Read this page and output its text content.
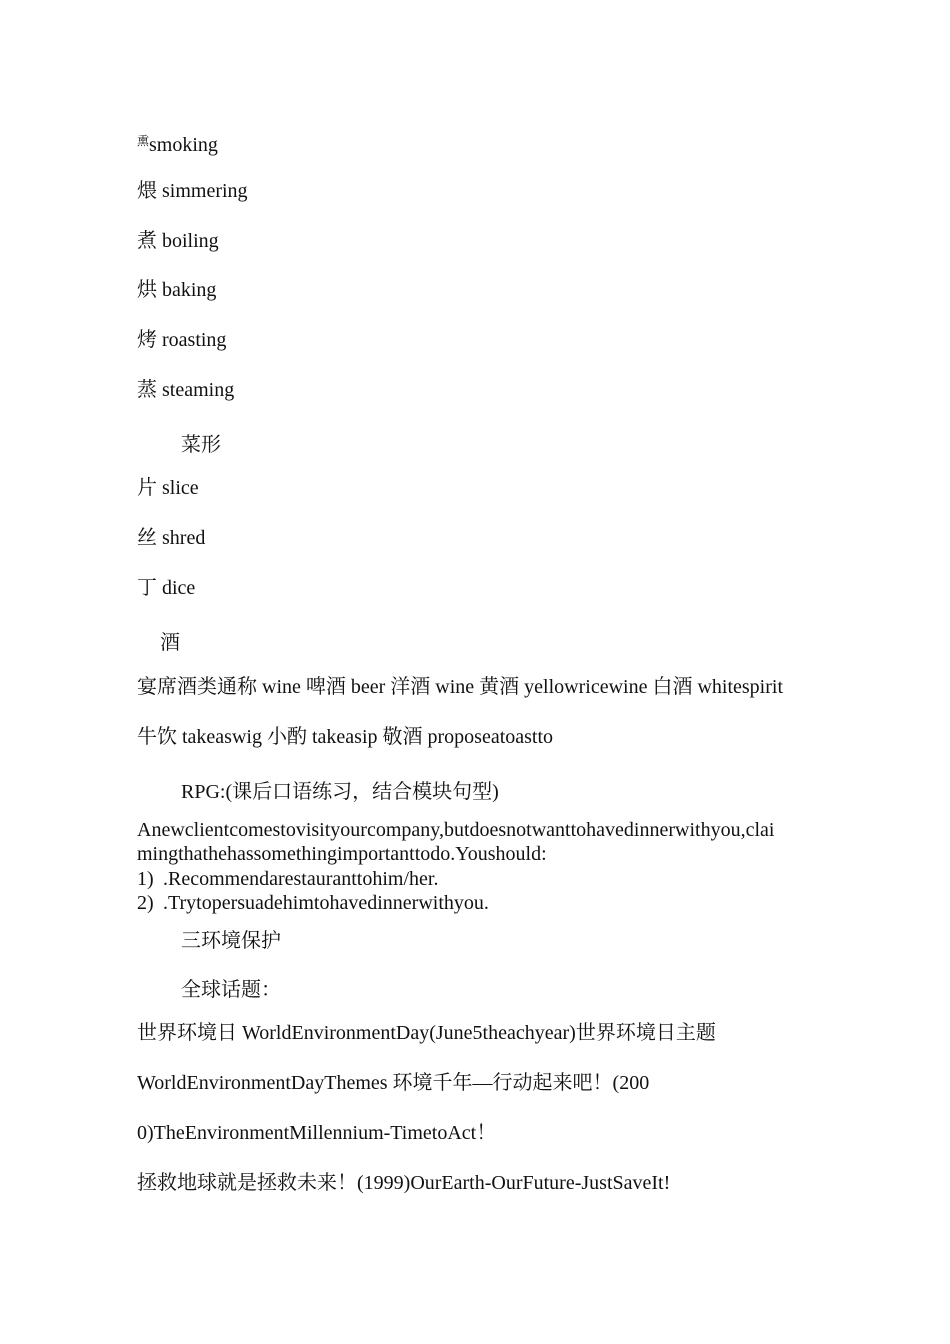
$^熏$smoking
煨 simmering
煮 boiling
烘 baking
烤 roasting
蒸 steaming
菜形
片 slice
丝 shred
丁 dice
酒
宴席酒类通称 wine 啤酒 beer 洋酒 wine 黄酒 yellowricewine 白酒 whitespirit
牛饮 takeaswig 小酌 takeasip 敬酒 proposeatoastto
RPG:(课后口语练习，结合模块句型)
Anewclientcomestovisityourcompany,butdoesnotwanttohavedinnerwithyou,clai
mingthathehassomethingimportanttodo.Youshould:
1) .Recommendarestauranttohim/her.
2) .Trytopersuadehimtohavedinnerwithyou.
三环境保护
全球话题：
世界环境日 WorldEnvironmentDay(June5theachyear)世界环境日主题
WorldEnvironmentDayThemes 环境千年—行动起来吧！(200
0)TheEnvironmentMillennium-TimetoAct！
拯救地球就是拯救未来！(1999)OurEarth-OurFuture-JustSaveIt!
